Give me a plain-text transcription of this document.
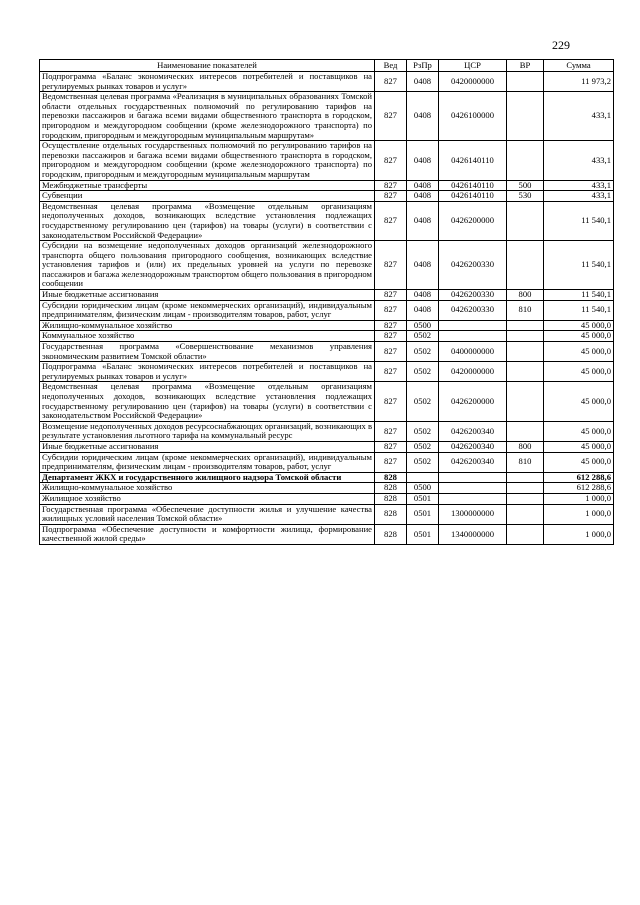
229
Наименование показателей	Вед	РзПр	ЦСР	ВР	Сумма
Подпрограмма «Баланс экономических интересов потребителей и поставщиков на регулируемых рынках товаров и услуг»	827	0408	0420000000		11 973,2
Ведомственная целевая программа «Реализация в муниципальных образованиях Томской области отдельных государственных полномочий по регулированию тарифов на перевозки пассажиров и багажа всеми видами общественного транспорта в городском, пригородном и междугородном сообщении (кроме железнодорожного транспорта) по городским, пригородным и междугородным муниципальным маршрутам»	827	0408	0426100000		433,1
Осуществление отдельных государственных полномочий по регулированию тарифов на перевозки пассажиров и багажа всеми видами общественного транспорта в городском, пригородном и междугородном сообщении (кроме железнодорожного транспорта) по городским, пригородным и междугородным муниципальным маршрутам	827	0408	0426140110		433,1
Межбюджетные трансферты	827	0408	0426140110	500	433,1
Субвенции	827	0408	0426140110	530	433,1
Ведомственная целевая программа «Возмещение отдельным организациям недополученных доходов, возникающих вследствие установления подлежащих государственному регулированию цен (тарифов) на товары (услуги) в соответствии с законодательством Российской Федерации»	827	0408	0426200000		11 540,1
Субсидии на возмещение недополученных доходов организаций железнодорожного транспорта общего пользования пригородного сообщения, возникающих вследствие установления тарифов и (или) их предельных уровней на услуги по перевозке пассажиров и багажа железнодорожным транспортом общего пользования в пригородном сообщении	827	0408	0426200330		11 540,1
Иные бюджетные ассигнования	827	0408	0426200330	800	11 540,1
Субсидии юридическим лицам (кроме некоммерческих организаций), индивидуальным предпринимателям, физическим лицам - производителям товаров, работ, услуг	827	0408	0426200330	810	11 540,1
Жилищно-коммунальное хозяйство	827	0500			45 000,0
Коммунальное хозяйство	827	0502			45 000,0
Государственная программа «Совершенствование механизмов управления экономическим развитием Томской области»	827	0502	0400000000		45 000,0
Подпрограмма «Баланс экономических интересов потребителей и поставщиков на регулируемых рынках товаров и услуг»	827	0502	0420000000		45 000,0
Ведомственная целевая программа «Возмещение отдельным организациям недополученных доходов, возникающих вследствие установления подлежащих государственному регулированию цен (тарифов) на товары (услуги) в соответствии с законодательством Российской Федерации»	827	0502	0426200000		45 000,0
Возмещение недополученных доходов ресурсоснабжающих организаций, возникающих в результате установления льготного тарифа на коммунальный ресурс	827	0502	0426200340		45 000,0
Иные бюджетные ассигнования	827	0502	0426200340	800	45 000,0
Субсидии юридическим лицам (кроме некоммерческих организаций), индивидуальным предпринимателям, физическим лицам - производителям товаров, работ, услуг	827	0502	0426200340	810	45 000,0
Департамент ЖКХ и государственного жилищного надзора Томской области	828				612 288,6
Жилищно-коммунальное хозяйство	828	0500			612 288,6
Жилищное хозяйство	828	0501			1 000,0
Государственная программа «Обеспечение доступности жилья и улучшение качества жилищных условий населения Томской области»	828	0501	1300000000		1 000,0
Подпрограмма «Обеспечение доступности и комфортности жилища, формирование качественной жилой среды»	828	0501	1340000000		1 000,0
